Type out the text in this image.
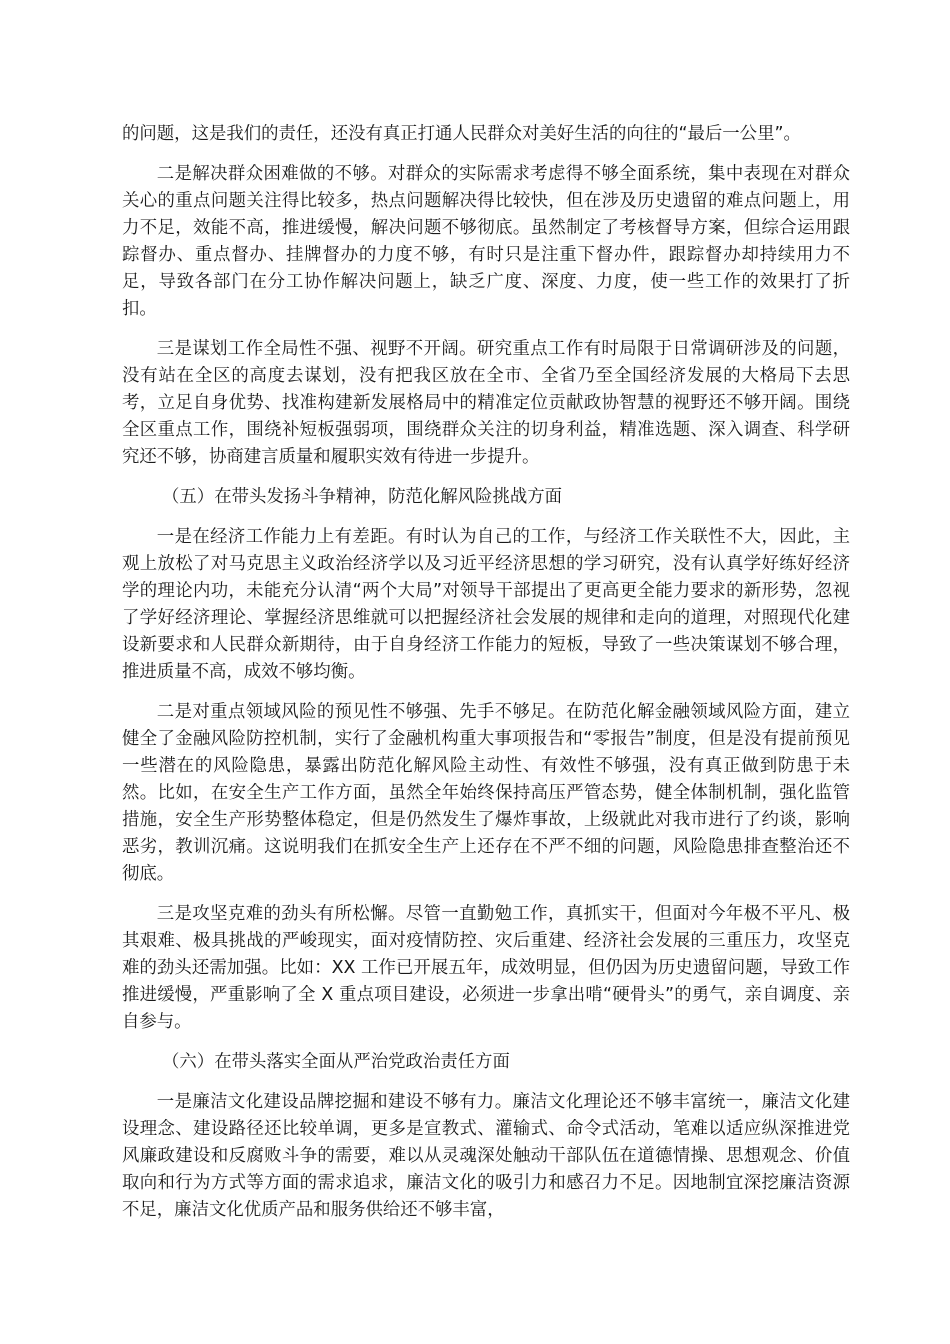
的问题，这是我们的责任，还没有真正打通人民群众对美好生活的向往的“最后一公里”。

二是解决群众困难做的不够。对群众的实际需求考虑得不够全面系统，集中表现在对群众关心的重点问题关注得比较多，热点问题解决得比较快，但在涉及历史遗留的难点问题上，用力不足，效能不高，推进缓慢，解决问题不够彻底。虽然制定了考核督导方案，但综合运用跟踪督办、重点督办、挂牌督办的力度不够，有时只是注重下督办件，跟踪督办却持续用力不足，导致各部门在分工协作解决问题上，缺乏广度、深度、力度，使一些工作的效果打了折扣。

三是谋划工作全局性不强、视野不开阔。研究重点工作有时局限于日常调研涉及的问题，没有站在全区的高度去谋划，没有把我区放在全市、全省乃至全国经济发展的大格局下去思考，立足自身优势、找准构建新发展格局中的精准定位贡献政协智慧的视野还不够开阔。围绕全区重点工作，围绕补短板强弱项，围绕群众关注的切身利益，精准选题、深入调查、科学研究还不够，协商建言质量和履职实效有待进一步提升。

（五）在带头发扬斗争精神，防范化解风险挑战方面

一是在经济工作能力上有差距。有时认为自己的工作，与经济工作关联性不大，因此，主观上放松了对马克思主义政治经济学以及习近平经济思想的学习研究，没有认真学好练好经济学的理论内功，未能充分认清“两个大局”对领导干部提出了更高更全能力要求的新形势，忽视了学好经济理论、掌握经济思维就可以把握经济社会发展的规律和走向的道理，对照现代化建设新要求和人民群众新期待，由于自身经济工作能力的短板，导致了一些决策谋划不够合理，推进质量不高，成效不够均衡。

二是对重点领域风险的预见性不够强、先手不够足。在防范化解金融领域风险方面，建立健全了金融风险防控机制，实行了金融机构重大事项报告和“零报告”制度，但是没有提前预见一些潜在的风险隐患，暴露出防范化解风险主动性、有效性不够强，没有真正做到防患于未然。比如，在安全生产工作方面，虽然全年始终保持高压严管态势，健全体制机制，强化监管措施，安全生产形势整体稳定，但是仍然发生了爆炸事故，上级就此对我市进行了约谈，影响恶劣，教训沉痛。这说明我们在抓安全生产上还存在不严不细的问题，风险隐患排查整治还不彻底。

三是攻坚克难的劲头有所松懈。尽管一直勤勉工作，真抓实干，但面对今年极不平凡、极其艰难、极具挑战的严峻现实，面对疫情防控、灾后重建、经济社会发展的三重压力，攻坚克难的劲头还需加强。比如：XX 工作已开展五年，成效明显，但仍因为历史遗留问题，导致工作推进缓慢，严重影响了全 X 重点项目建设，必须进一步拿出啃“硬骨头”的勇气，亲自调度、亲自参与。

（六）在带头落实全面从严治党政治责任方面

一是廉洁文化建设品牌挖掘和建设不够有力。廉洁文化理论还不够丰富统一，廉洁文化建设理念、建设路径还比较单调，更多是宣教式、灌输式、命令式活动，笔难以适应纵深推进党风廉政建设和反腐败斗争的需要，难以从灵魂深处触动干部队伍在道德情操、思想观念、价值取向和行为方式等方面的需求追求，廉洁文化的吸引力和感召力不足。因地制宜深挖廉洁资源不足，廉洁文化优质产品和服务供给还不够丰富，
